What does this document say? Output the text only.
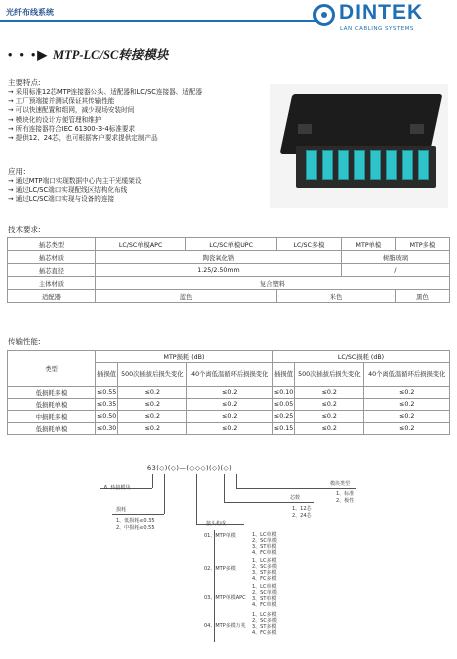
光纤布线系统	DINTEK
LAN CABLING SYSTEMS
• • •▶ MTP-LC/SC转接模块
主要特点:
→ 采用标准12芯MTP连接器公头、适配器和LC/SC连接器、适配器
→ 工厂预端接并测试保证其传输性能
→ 可以快速配置和组网，减少现场安装时间
→ 模块化的设计方便管理和维护
→ 所有连接器符合IEC 61300-3-4标准要求
→ 提供12、24芯，也可根据客户要求提供定制产品
应用:
→ 通过MTP端口实现数据中心内主干光缆架设
→ 通过LC/SC端口实现配线区结构化布线
→ 通过LC/SC端口实现与设备的连接
技术要求:
插芯类型	LC/SC单模APC	LC/SC单模UPC	LC/SC多模	MTP单模	MTP多模
插芯材质	陶瓷氧化锆			树脂玻璃	
插芯直径	1.25/2.50mm			/	
主体材质	复合塑料				
适配器	蓝色		米色		黑色
传输性能:
类型	MTP损耗 (dB)			LC/SC损耗 (dB)		
	插损值	500次插拔后损失变化	40个离低温循环后损损变化	插损值	500次插拔后损失变化	40个离低温循环后损损变化
低损耗多模	≤0.55	≤0.2	≤0.2	≤0.10	≤0.2	≤0.2
低损耗单模	≤0.35	≤0.2	≤0.2	≤0.05	≤0.2	≤0.2
中损耗多模	≤0.50	≤0.2	≤0.2	≤0.25	≤0.2	≤0.2
低损耗单模	≤0.30	≤0.2	≤0.2	≤0.15	≤0.2	≤0.2
63(◇)(◇)—(◇◇◇)(◇)(◇)
6. 转接模块
损耗
1、低损耗≤0.35
2、中损耗≤0.55
模块类型
1、标准
2、极性
芯数
1、12芯
2、24芯
接头构成
01、MTP单模	1、LC单模
2、SC单模
3、ST单模
4、FC单模
02、MTP多模
1、LC多模
2、SC多模
3、ST多模
4、FC多模
03、MTP单模APC
1、LC单模
2、SC单模
3、ST单模
4、FC单模
04、MTP多模万兆
1、LC多模
2、SC多模
3、ST多模
4、FC多模
